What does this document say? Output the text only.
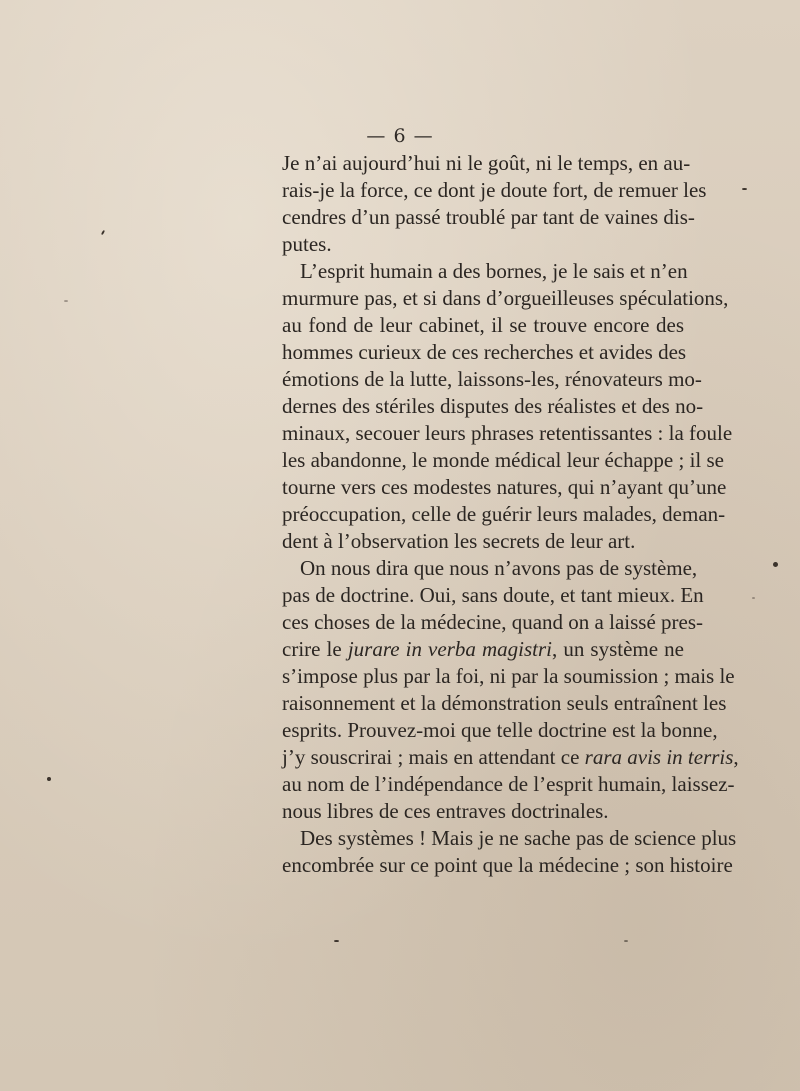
— 6 —
Je n’ai aujourd’hui ni le goût, ni le temps, en au-
rais-je la force, ce dont je doute fort, de remuer les
cendres d’un passé troublé par tant de vaines dis-
putes.
L’esprit humain a des bornes, je le sais et n’en
murmure pas, et si dans d’orgueilleuses spéculations,
au fond de leur cabinet, il se trouve encore des
hommes curieux de ces recherches et avides des
émotions de la lutte, laissons-les, rénovateurs mo-
dernes des stériles disputes des réalistes et des no-
minaux, secouer leurs phrases retentissantes : la foule
les abandonne, le monde médical leur échappe ; il se
tourne vers ces modestes natures, qui n’ayant qu’une
préoccupation, celle de guérir leurs malades, deman-
dent à l’observation les secrets de leur art.
On nous dira que nous n’avons pas de système,
pas de doctrine. Oui, sans doute, et tant mieux. En
ces choses de la médecine, quand on a laissé pres-
crire le jurare in verba magistri, un système ne
s’impose plus par la foi, ni par la soumission ; mais le
raisonnement et la démonstration seuls entraînent les
esprits. Prouvez-moi que telle doctrine est la bonne,
j’y souscrirai ; mais en attendant ce rara avis in terris,
au nom de l’indépendance de l’esprit humain, laissez-
nous libres de ces entraves doctrinales.
Des systèmes ! Mais je ne sache pas de science plus
encombrée sur ce point que la médecine ; son histoire
